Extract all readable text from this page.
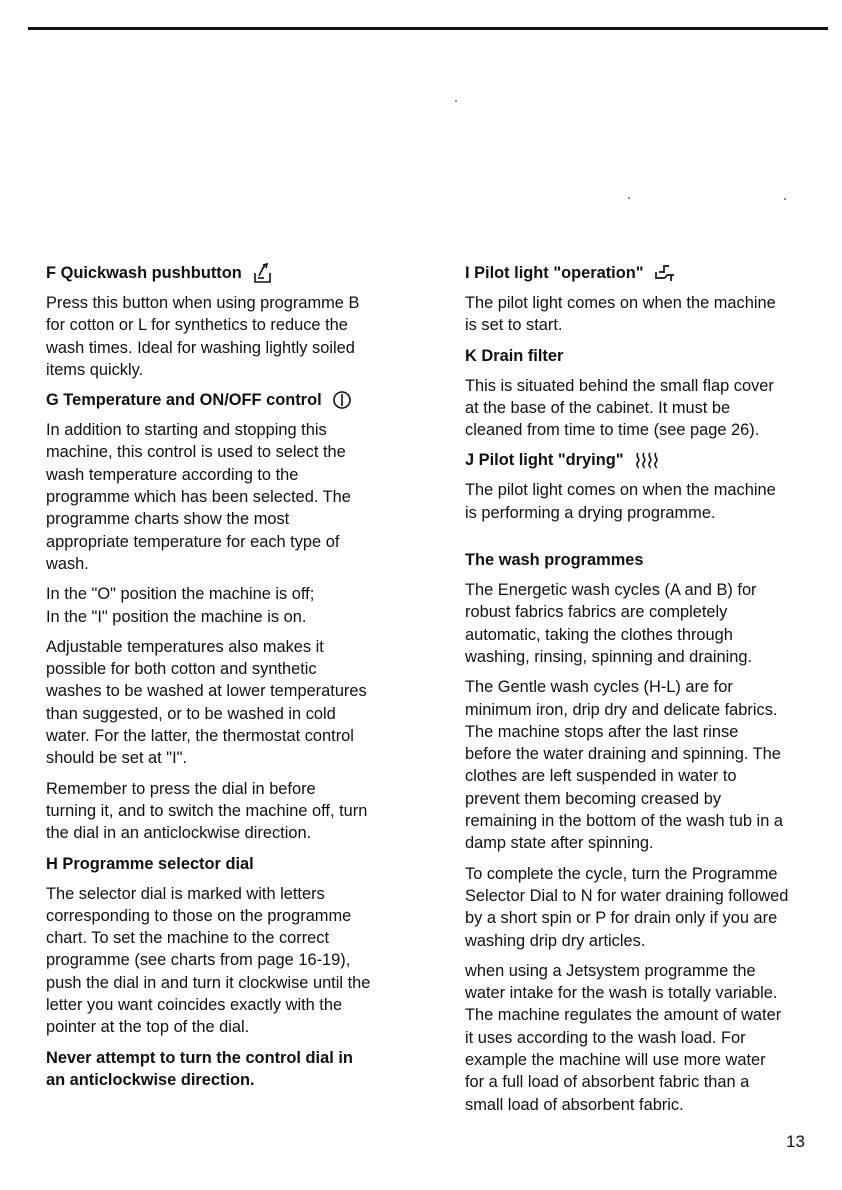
F Quickwash pushbutton

Press this button when using programme B
for cotton or L for synthetics to reduce the
wash times. Ideal for washing lightly soiled
items quickly.

G Temperature and ON/OFF control

In addition to starting and stopping this
machine, this control is used to select the
wash temperature according to the
programme which has been selected. The
programme charts show the most
appropriate temperature for each type of
wash.

In the "O" position the machine is off;
In the "I" position the machine is on.

Adjustable temperatures also makes it
possible for both cotton and synthetic
washes to be washed at lower temperatures
than suggested, or to be washed in cold
water. For the latter, the thermostat control
should be set at "I".

Remember to press the dial in before
turning it, and to switch the machine off, turn
the dial in an anticlockwise direction.

H Programme selector dial

The selector dial is marked with letters
corresponding to those on the programme
chart. To set the machine to the correct
programme (see charts from page 16-19),
push the dial in and turn it clockwise until the
letter you want coincides exactly with the
pointer at the top of the dial.

Never attempt to turn the control dial in
an anticlockwise direction.

I Pilot light "operation"

The pilot light comes on when the machine
is set to start.

K Drain filter

This is situated behind the small flap cover
at the base of the cabinet. It must be
cleaned from time to time (see page 26).

J Pilot light "drying"

The pilot light comes on when the machine
is performing a drying programme.

The wash programmes

The Energetic wash cycles (A and B) for
robust fabrics fabrics are completely
automatic, taking the clothes through
washing, rinsing, spinning and draining.

The Gentle wash cycles (H-L) are for
minimum iron, drip dry and delicate fabrics.
The machine stops after the last rinse
before the water draining and spinning. The
clothes are left suspended in water to
prevent them becoming creased by
remaining in the bottom of the wash tub in a
damp state after spinning.

To complete the cycle, turn the Programme
Selector Dial to N for water draining followed
by a short spin or P for drain only if you are
washing drip dry articles.

when using a Jetsystem programme the
water intake for the wash is totally variable.
The machine regulates the amount of water
it uses according to the wash load. For
example the machine will use more water
for a full load of absorbent fabric than a
small load of absorbent fabric.

13
